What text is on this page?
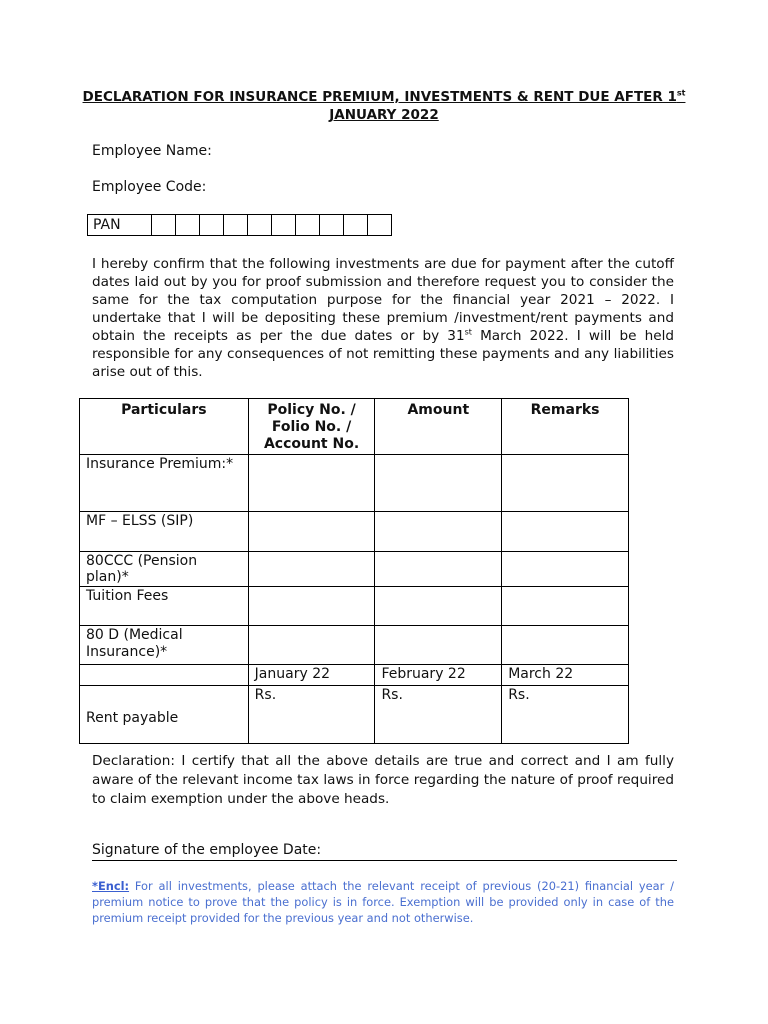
DECLARATION FOR INSURANCE PREMIUM, INVESTMENTS & RENT DUE AFTER 1st
JANUARY 2022
Employee Name:
Employee Code:
PAN										
I hereby confirm that the following investments are due for payment after the cutoff dates laid out by you for proof submission and therefore request you to consider the same for the tax computation purpose for the financial year 2021 – 2022. I undertake that I will be depositing these premium /investment/rent payments and obtain the receipts as per the due dates or by 31st March 2022. I will be held responsible for any consequences of not remitting these payments and any liabilities arise out of this.
Particulars	Policy No. / Folio No. / Account No.	Amount	Remarks
Insurance Premium:*			
MF – ELSS (SIP)			
80CCC (Pension plan)*			
Tuition Fees			
80 D (Medical Insurance)*			
	January 22	February 22	March 22
Rent payable	Rs.	Rs.	Rs.
Declaration: I certify that all the above details are true and correct and I am fully aware of the relevant income tax laws in force regarding the nature of proof required to claim exemption under the above heads.
Signature of the employee Date:
*Encl: For all investments, please attach the relevant receipt of previous (20-21) financial year / premium notice to prove that the policy is in force. Exemption will be provided only in case of the premium receipt provided for the previous year and not otherwise.
